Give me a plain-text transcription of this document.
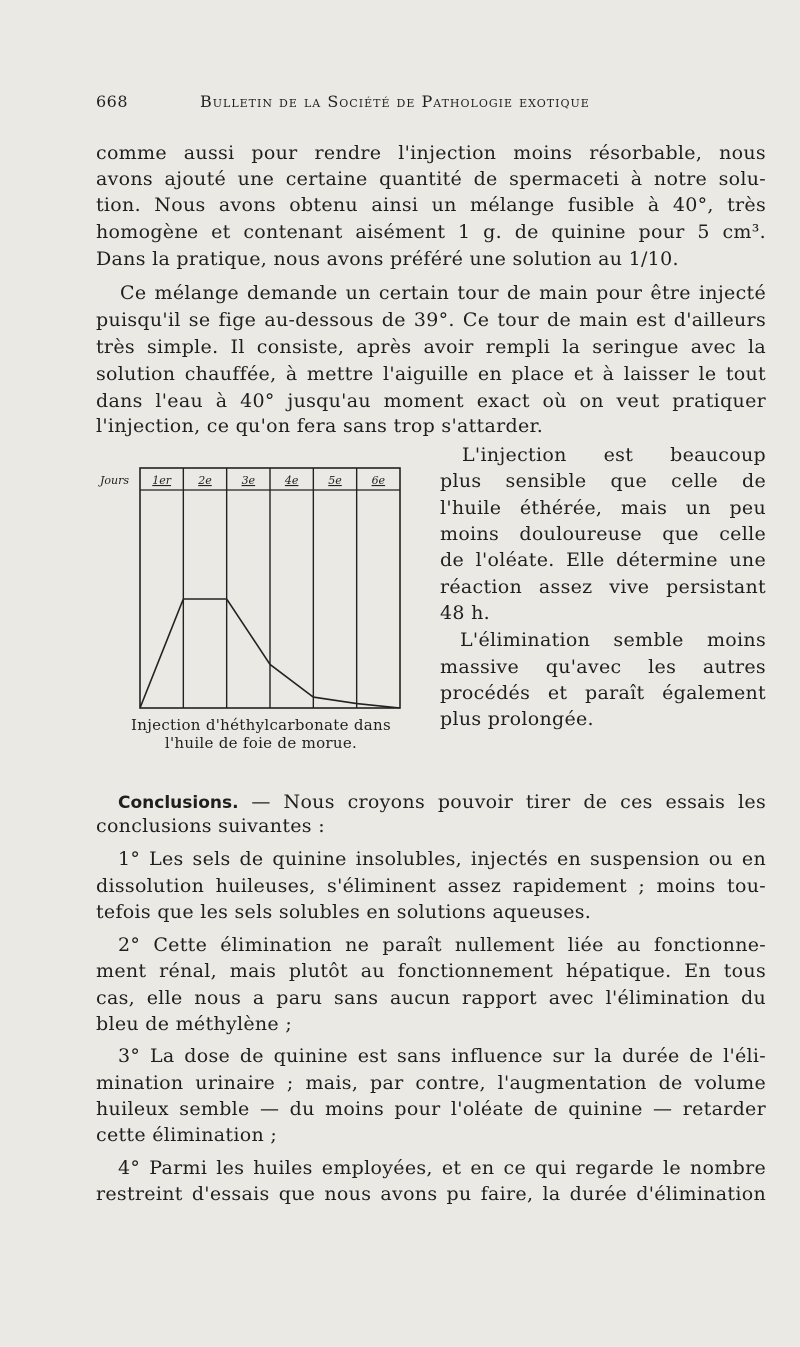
668	Bulletin de la Société de Pathologie exotique
comme aussi pour rendre l'injection moins résorbable, nous
avons ajouté une certaine quantité de spermaceti à notre solu-
tion. Nous avons obtenu ainsi un mélange fusible à 40°, très
homogène et contenant aisément 1 g. de quinine pour 5 cm³.
Dans la pratique, nous avons préféré une solution au 1/10.
Ce mélange demande un certain tour de main pour être injecté
puisqu'il se fige au-dessous de 39°. Ce tour de main est d'ailleurs
très simple. Il consiste, après avoir rempli la seringue avec la
solution chauffée, à mettre l'aiguille en place et à laisser le tout
dans l'eau à 40° jusqu'au moment exact où on veut pratiquer
l'injection, ce qu'on fera sans trop s'attarder.
L'injection est beaucoup
plus sensible que celle de
l'huile éthérée, mais un peu
moins douloureuse que celle
de l'oléate. Elle détermine une
réaction assez vive persistant
48 h.
L'élimination semble moins
massive qu'avec les autres
procédés et paraît également
plus prolongée.
Jours 1er 2e	3e	4e	5e	6e
Injection d'héthylcarbonate dans
l'huile de foie de morue.
Conclusions. — Nous croyons pouvoir tirer de ces essais les
conclusions suivantes :
1° Les sels de quinine insolubles, injectés en suspension ou en
dissolution huileuses, s'éliminent assez rapidement ; moins tou-
tefois que les sels solubles en solutions aqueuses.
2° Cette élimination ne paraît nullement liée au fonctionne-
ment rénal, mais plutôt au fonctionnement hépatique. En tous
cas, elle nous a paru sans aucun rapport avec l'élimination du
bleu de méthylène ;
3° La dose de quinine est sans influence sur la durée de l'éli-
mination urinaire ; mais, par contre, l'augmentation de volume
huileux semble — du moins pour l'oléate de quinine — retarder
cette élimination ;
4° Parmi les huiles employées, et en ce qui regarde le nombre
restreint d'essais que nous avons pu faire, la durée d'élimination
